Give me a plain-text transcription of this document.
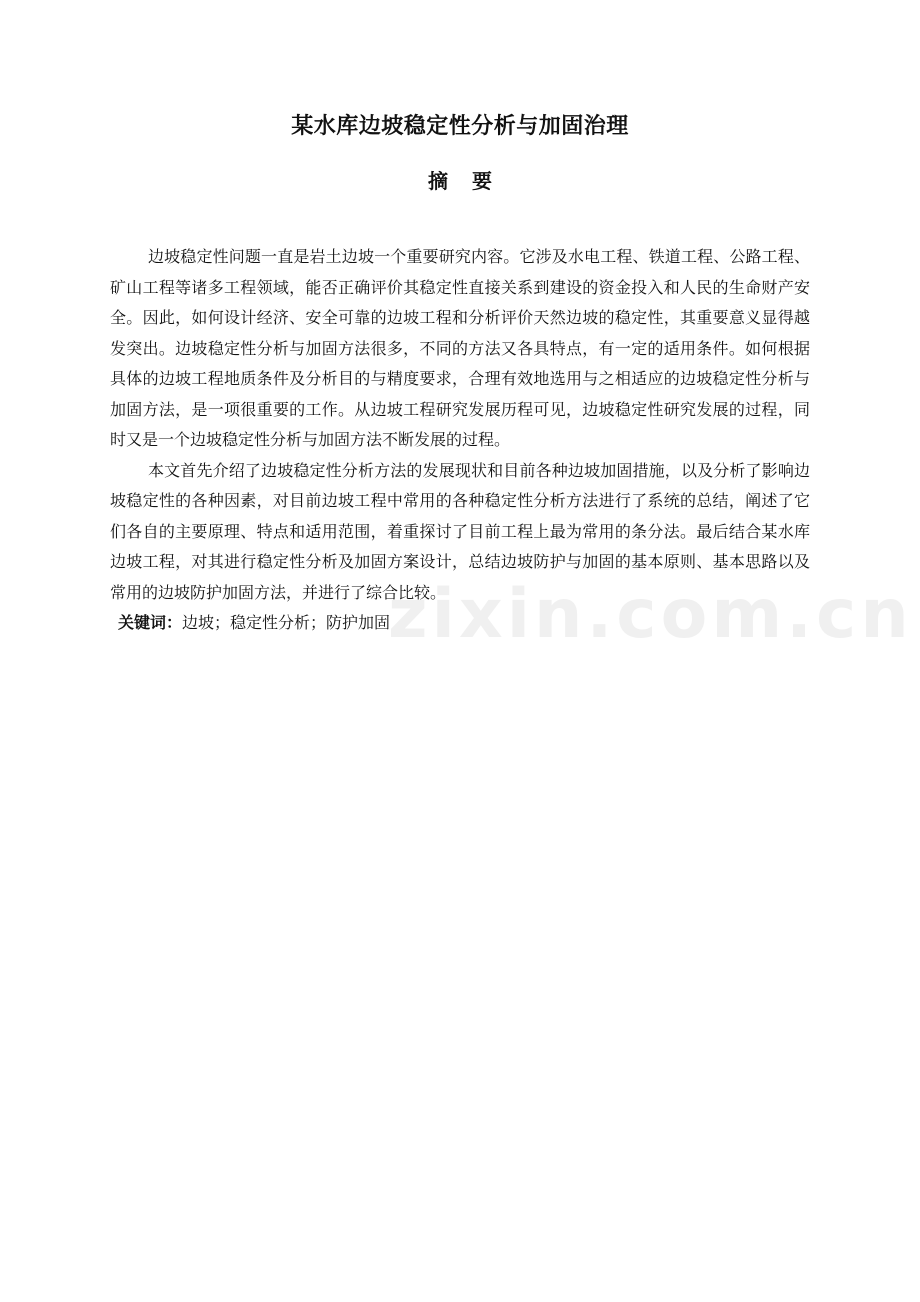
某水库边坡稳定性分析与加固治理
摘要

边坡稳定性问题一直是岩土边坡一个重要研究内容。它涉及水电工程、铁道工程、公路工程、矿山工程等诸多工程领域，能否正确评价其稳定性直接关系到建设的资金投入和人民的生命财产安全。因此，如何设计经济、安全可靠的边坡工程和分析评价天然边坡的稳定性，其重要意义显得越发突出。边坡稳定性分析与加固方法很多，不同的方法又各具特点，有一定的适用条件。如何根据具体的边坡工程地质条件及分析目的与精度要求，合理有效地选用与之相适应的边坡稳定性分析与加固方法，是一项很重要的工作。从边坡工程研究发展历程可见，边坡稳定性研究发展的过程，同时又是一个边坡稳定性分析与加固方法不断发展的过程。

本文首先介绍了边坡稳定性分析方法的发展现状和目前各种边坡加固措施，以及分析了影响边坡稳定性的各种因素，对目前边坡工程中常用的各种稳定性分析方法进行了系统的总结，阐述了它们各自的主要原理、特点和适用范围，着重探讨了目前工程上最为常用的条分法。最后结合某水库边坡工程，对其进行稳定性分析及加固方案设计，总结边坡防护与加固的基本原则、基本思路以及常用的边坡防护加固方法，并进行了综合比较。

关键词：边坡；稳定性分析；防护加固

zixin.com.cn
